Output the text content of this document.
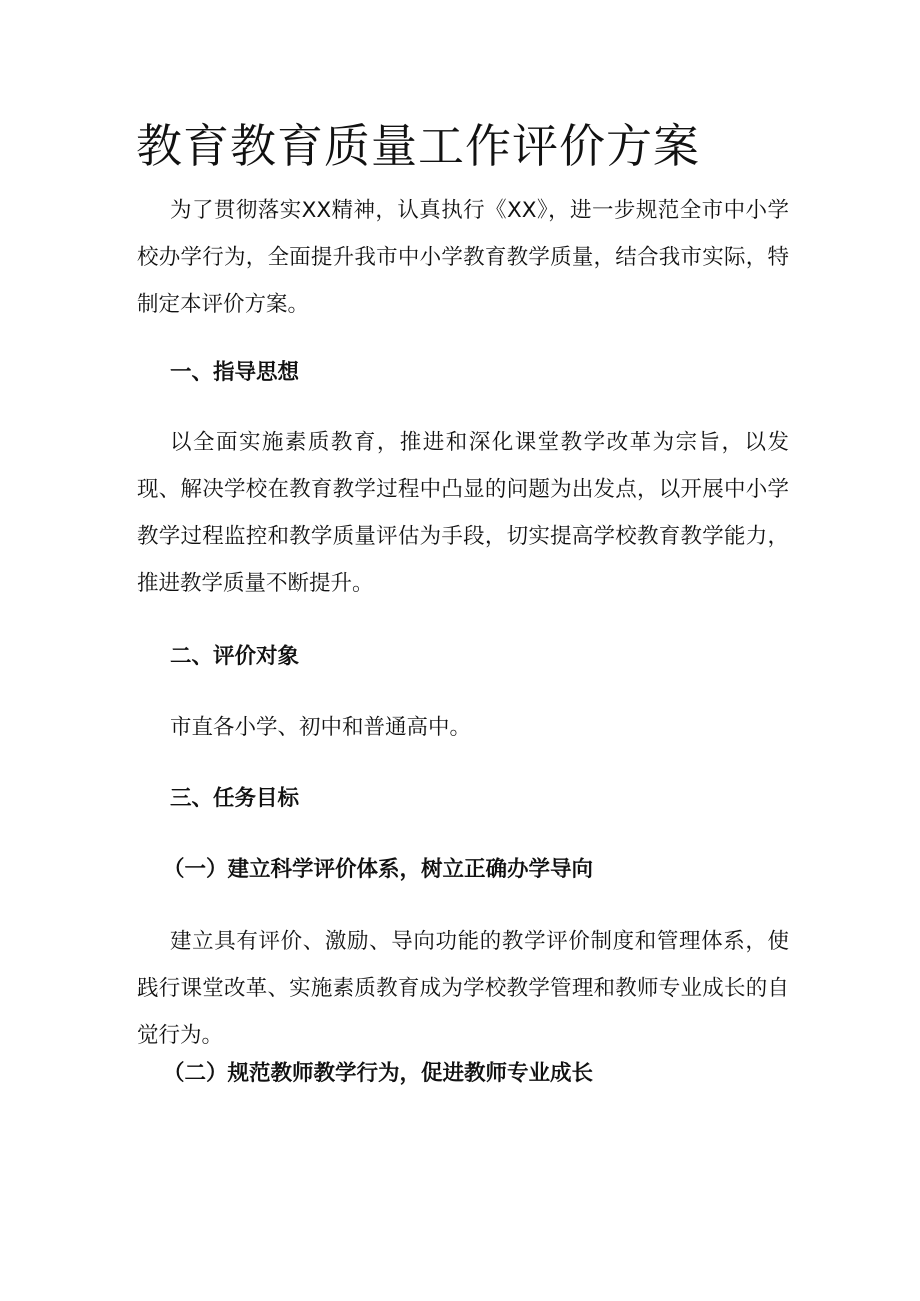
教育教育质量工作评价方案

为了贯彻落实XX精神，认真执行《XX》，进一步规范全市中小学校办学行为，全面提升我市中小学教育教学质量，结合我市实际，特制定本评价方案。

一、指导思想

以全面实施素质教育，推进和深化课堂教学改革为宗旨，以发现、解决学校在教育教学过程中凸显的问题为出发点，以开展中小学教学过程监控和教学质量评估为手段，切实提高学校教育教学能力，推进教学质量不断提升。

二、评价对象

市直各小学、初中和普通高中。

三、任务目标
（一）建立科学评价体系，树立正确办学导向

建立具有评价、激励、导向功能的教学评价制度和管理体系，使践行课堂改革、实施素质教育成为学校教学管理和教师专业成长的自觉行为。

（二）规范教师教学行为，促进教师专业成长
